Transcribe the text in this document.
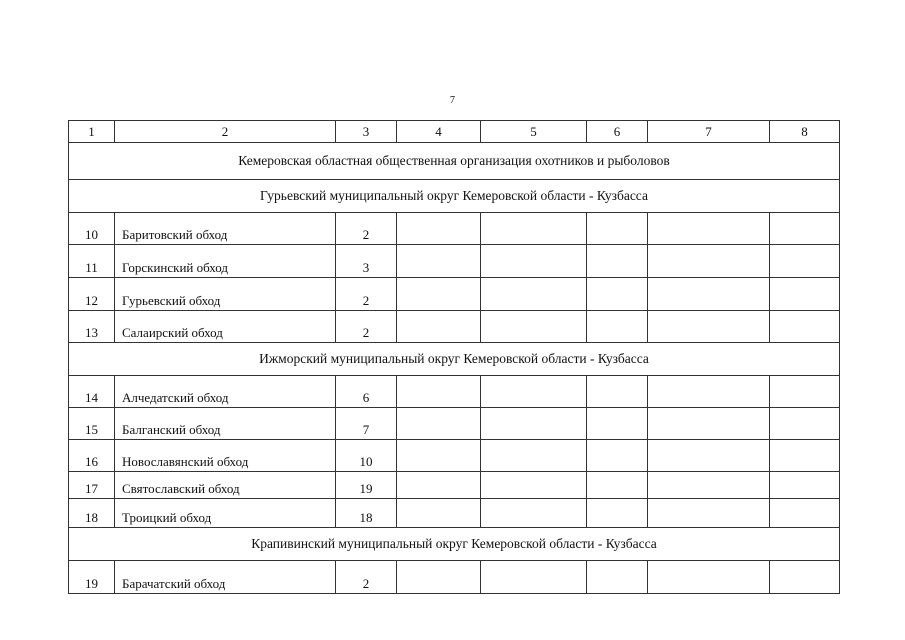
7
1	2	3	4	5	6	7	8
Кемеровская областная общественная организация охотников и рыболовов							
Гурьевский муниципальный округ Кемеровской области - Кузбасса							
10	Баритовский обход	2					
11	Горскинский обход	3					
12	Гурьевский обход	2					
13	Салаирский обход	2					
Ижморский муниципальный округ Кемеровской области - Кузбасса							
14	Алчедатский обход	6					
15	Балганский обход	7					
16	Новославянский обход	10					
17	Святославский обход	19					
18	Троицкий обход	18					
Крапивинский муниципальный округ Кемеровской области - Кузбасса							
19	Барачатский обход	2					
